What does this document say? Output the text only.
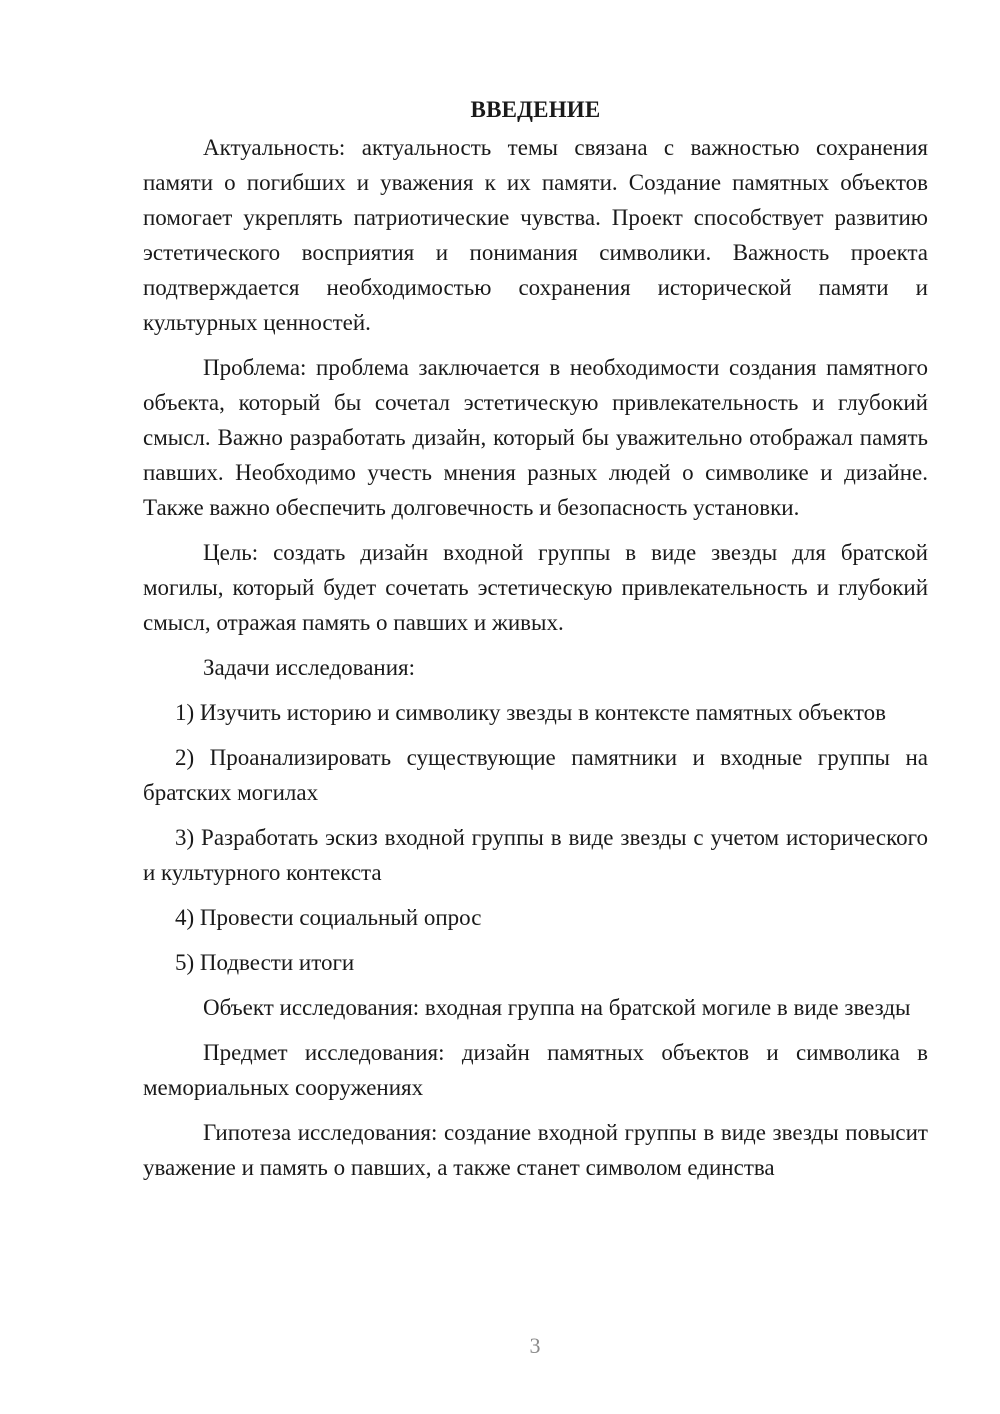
ВВЕДЕНИЕ

Актуальность: актуальность темы связана с важностью сохранения памяти о погибших и уважения к их памяти. Создание памятных объектов помогает укреплять патриотические чувства. Проект способствует развитию эстетического восприятия и понимания символики. Важность проекта подтверждается необходимостью сохранения исторической памяти и культурных ценностей.

Проблема: проблема заключается в необходимости создания памятного объекта, который бы сочетал эстетическую привлекательность и глубокий смысл. Важно разработать дизайн, который бы уважительно отображал память павших. Необходимо учесть мнения разных людей о символике и дизайне. Также важно обеспечить долговечность и безопасность установки.

Цель: создать дизайн входной группы в виде звезды для братской могилы, который будет сочетать эстетическую привлекательность и глубокий смысл, отражая память о павших и живых.

Задачи исследования:

1) Изучить историю и символику звезды в контексте памятных объектов

2) Проанализировать существующие памятники и входные группы на братских могилах

3) Разработать эскиз входной группы в виде звезды с учетом исторического и культурного контекста

4) Провести социальный опрос

5) Подвести итоги

Объект исследования: входная группа на братской могиле в виде звезды

Предмет исследования: дизайн памятных объектов и символика в мемориальных сооружениях

Гипотеза исследования: создание входной группы в виде звезды повысит уважение и память о павших, а также станет символом единства

3
